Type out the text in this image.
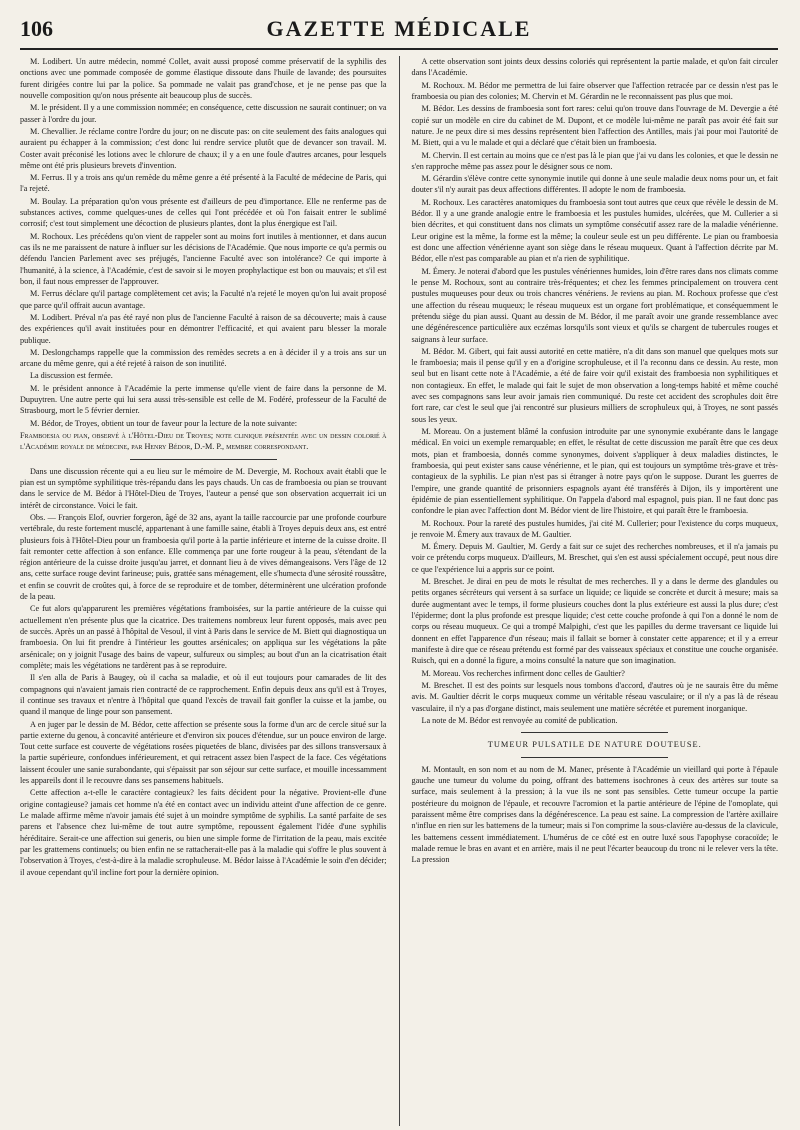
106	GAZETTE MÉDICALE

M. Lodibert. Un autre médecin, nommé Collet, avait aussi proposé comme préservatif de la syphilis des onctions avec une pommade composée de gomme élastique dissoute dans l'huile de lavande; des poursuites furent dirigées contre lui par la police. Sa pommade ne valait pas grand'chose, et je ne pense pas que la nouvelle composition qu'on nous présente ait beaucoup plus de succès.

M. le président. Il y a une commission nommée; en conséquence, cette discussion ne saurait continuer; on va passer à l'ordre du jour.

M. Chevallier. Je réclame contre l'ordre du jour; on ne discute pas: on cite seulement des faits analogues qui auraient pu échapper à la commission; c'est donc lui rendre service plutôt que de devancer son travail. M. Coster avait préconisé les lotions avec le chlorure de chaux; il y a en une foule d'autres arcanes, pour lesquels même ont été pris plusieurs brevets d'invention.

M. Ferrus. Il y a trois ans qu'un remède du même genre a été présenté à la Faculté de médecine de Paris, qui l'a rejeté.

M. Boulay. La préparation qu'on vous présente est d'ailleurs de peu d'importance. Elle ne renferme pas de substances actives, comme quelques-unes de celles qui l'ont précédée et où l'on faisait entrer le sublimé corrosif; c'est tout simplement une décoction de plusieurs plantes, dont la plus énergique est l'ail.

M. Rochoux. Les précédens qu'on vient de rappeler sont au moins fort inutiles à mentionner, et dans aucun cas ils ne me paraissent de nature à influer sur les décisions de l'Académie. Que nous importe ce qu'a permis ou défendu l'ancien Parlement avec ses préjugés, l'ancienne Faculté avec son intolérance? Ce qui importe à l'humanité, à la science, à l'Académie, c'est de savoir si le moyen prophylactique est bon ou mauvais; et s'il est bon, il faut nous empresser de l'approuver.

M. Ferrus déclare qu'il partage complètement cet avis; la Faculté n'a rejeté le moyen qu'on lui avait proposé que parce qu'il offrait aucun avantage.

M. Lodibert. Préval n'a pas été rayé non plus de l'ancienne Faculté à raison de sa découverte; mais à cause des expériences qu'il avait instituées pour en démontrer l'efficacité, et qui avaient paru blesser la morale publique.

M. Deslongchamps rappelle que la commission des remèdes secrets a en à décider il y a trois ans sur un arcane du même genre, qui a été rejeté à raison de son inutilité.

La discussion est fermée.

M. le président annonce à l'Académie la perte immense qu'elle vient de faire dans la personne de M. Dupuytren. Une autre perte qui lui sera aussi très-sensible est celle de M. Fodéré, professeur de la Faculté de Strasbourg, mort le 5 février dernier.

M. Bédor, de Troyes, obtient un tour de faveur pour la lecture de la note suivante:

Framboesia ou pian, observé à l'Hôtel-Dieu de Troyes; note clinique présentée avec un dessin colorié à l'Académie royale de médecine, par Henry Bédor, D.-M. P., membre correspondant.

Dans une discussion récente qui a eu lieu sur le mémoire de M. Devergie, M. Rochoux avait établi que le pian est un symptôme syphilitique très-répandu dans les pays chauds. Un cas de framboesia ou pian se trouvant dans le service de M. Bédor à l'Hôtel-Dieu de Troyes, l'auteur a pensé que son observation acquerrait ici un intérêt de circonstance. Voici le fait.

Obs. — François Elof, ouvrier forgeron, âgé de 32 ans, ayant la taille raccourcie par une profonde courbure vertébrale, du reste fortement musclé, appartenant à une famille saine, établi à Troyes depuis deux ans, est entré plusieurs fois à l'Hôtel-Dieu pour un framboesia qu'il porte à la partie inférieure et interne de la cuisse droite. Il fait remonter cette affection à son enfance. Elle commença par une forte rougeur à la peau, s'étendant de la région antérieure de la cuisse droite jusqu'au jarret, et donnant lieu à de vives démangeaisons. Vers l'âge de 12 ans, cette surface rouge devint farineuse; puis, grattée sans ménagement, elle s'humecta d'une sérosité roussâtre, et enfin se couvrit de croûtes qui, à force de se reproduire et de tomber, déterminèrent une ulcération profonde de la peau.

Ce fut alors qu'apparurent les premières végétations framboisées, sur la partie antérieure de la cuisse qui actuellement n'en présente plus que la cicatrice. Des traitemens nombreux leur furent opposés, mais avec peu de succès. Après un an passé à l'hôpital de Vesoul, il vint à Paris dans le service de M. Biett qui diagnostiqua un framboesia. On lui fit prendre à l'intérieur les gouttes arsénicales; on appliqua sur les végétations la pâte arsénicale; on y joignit l'usage des bains de vapeur, sulfureux ou simples; au bout d'un an la cicatrisation était complète; mais les végétations ne tardèrent pas à se reproduire.

Il s'en alla de Paris à Baugey, où il cacha sa maladie, et où il eut toujours pour camarades de lit des compagnons qui n'avaient jamais rien contracté de ce rapprochement. Enfin depuis deux ans qu'il est à Troyes, il continue ses travaux et n'entre à l'hôpital que quand l'excès de travail fait gonfler la cuisse et la jambe, ou quand il manque de linge pour son pansement.

A en juger par le dessin de M. Bédor, cette affection se présente sous la forme d'un arc de cercle situé sur la partie externe du genou, à concavité antérieure et d'environ six pouces d'étendue, sur un pouce environ de large. Tout cette surface est couverte de végétations rosées piquetées de blanc, divisées par des sillons transversaux à la partie supérieure, confondues inférieurement, et qui retracent assez bien l'aspect de la face. Ces végétations laissent écouler une sanie surabondante, qui s'épaissit par son séjour sur cette surface, et mouille incessamment les appareils dont il le recouvre dans ses pansemens habituels.

Cette affection a-t-elle le caractère contagieux? les faits décident pour la négative. Provient-elle d'une origine contagieuse? jamais cet homme n'a été en contact avec un individu atteint d'une affection de ce genre. Le malade affirme même n'avoir jamais été sujet à un moindre symptôme de syphilis. La santé parfaite de ses parens et l'absence chez lui-même de tout autre symptôme, repoussent également l'idée d'une syphilis héréditaire. Serait-ce une affection sui generis, ou bien une simple forme de l'irritation de la peau, mais excitée par les grattemens continuels; ou bien enfin ne se rattacherait-elle pas à la maladie qui s'offre le plus souvent à l'observation à Troyes, c'est-à-dire à la maladie scrophuleuse. M. Bédor laisse à l'Académie le soin d'en décider; il avoue cependant qu'il incline fort pour la dernière opinion.

A cette observation sont joints deux dessins coloriés qui représentent la partie malade, et qu'on fait circuler dans l'Académie.

M. Rochoux. M. Bédor me permettra de lui faire observer que l'affection retracée par ce dessin n'est pas le framboesia ou pian des colonies; M. Chervin et M. Gérardin ne le reconnaissent pas plus que moi.

M. Bédor. Les dessins de framboesia sont fort rares: celui qu'on trouve dans l'ouvrage de M. Devergie a été copié sur un modèle en cire du cabinet de M. Dupont, et ce modèle lui-même ne paraît pas avoir été fait sur nature. Je ne peux dire si mes dessins représentent bien l'affection des Antilles, mais j'ai pour moi l'autorité de M. Biett, qui a vu le malade et qui a déclaré que c'était bien un framboesia.

M. Chervin. Il est certain au moins que ce n'est pas là le pian que j'ai vu dans les colonies, et que le dessin ne s'en rapproche même pas assez pour le désigner sous ce nom.

M. Gérardin s'élève contre cette synonymie inutile qui donne à une seule maladie deux noms pour un, et fait douter s'il n'y aurait pas deux affections différentes. Il adopte le nom de framboesia.

M. Rochoux. Les caractères anatomiques du framboesia sont tout autres que ceux que révèle le dessin de M. Bédor. Il y a une grande analogie entre le framboesia et les pustules humides, ulcérées, que M. Cullerier a si bien décrites, et qui constituent dans nos climats un symptôme consécutif assez rare de la maladie vénérienne. Leur origine est la même, la forme est la même; la couleur seule est un peu différente. Le pian ou framboesia est donc une affection vénérienne ayant son siège dans le réseau muqueux. Quant à l'affection décrite par M. Bédor, elle n'est pas comparable au pian et n'a rien de syphilitique.

M. Émery. Je noterai d'abord que les pustules vénériennes humides, loin d'être rares dans nos climats comme le pense M. Rochoux, sont au contraire très-fréquentes; et chez les femmes principalement on trouvera cent pustules muqueuses pour deux ou trois chancres vénériens. Je reviens au pian. M. Rochoux professe que c'est une affection du réseau muqueux; le réseau muqueux est un organe fort problématique, et conséquemment le prétendu siège du pian aussi. Quant au dessin de M. Bédor, il me paraît avoir une grande ressemblance avec une dégénérescence particulière aux eczémas lorsqu'ils sont vieux et qu'ils se chargent de tubercules rouges et saignans à leur surface.

M. Bédor. M. Gibert, qui fait aussi autorité en cette matière, n'a dit dans son manuel que quelques mots sur le framboesia; mais il pense qu'il y en a d'origine scrophuleuse, et il l'a reconnu dans ce dessin. Au reste, mon seul but en lisant cette note à l'Académie, a été de faire voir qu'il existait des framboesia non syphilitiques et non contagieux. En effet, le malade qui fait le sujet de mon observation a long-temps habité et même couché avec ses compagnons sans leur avoir jamais rien communiqué. Du reste cet accident des scrophules doit être fort rare, car c'est le seul que j'ai rencontré sur plusieurs milliers de scrophuleux qui, à Troyes, ne sont passés sous les yeux.

M. Moreau. On a justement blâmé la confusion introduite par une synonymie exubérante dans le langage médical. En voici un exemple remarquable; en effet, le résultat de cette discussion me paraît être que ces deux mots, pian et framboesia, donnés comme synonymes, doivent s'appliquer à deux maladies distinctes, le framboesia, qui peut exister sans cause vénérienne, et le pian, qui est toujours un symptôme très-grave et très-contagieux de la syphilis. Le pian n'est pas si étranger à notre pays qu'on le suppose. Durant les guerres de l'empire, une grande quantité de prisonniers espagnols ayant été transférés à Dijon, ils y importèrent une épidémie de pian essentiellement syphilitique. On l'appela d'abord mal espagnol, puis pian. Il ne faut donc pas confondre le pian avec l'affection dont M. Bédor vient de lire l'histoire, et qui paraît être le framboesia.

M. Rochoux. Pour la rareté des pustules humides, j'ai cité M. Cullerier; pour l'existence du corps muqueux, je renvoie M. Émery aux travaux de M. Gaultier.

M. Émery. Depuis M. Gaultier, M. Gerdy a fait sur ce sujet des recherches nombreuses, et il n'a jamais pu voir ce prétendu corps muqueux. D'ailleurs, M. Breschet, qui s'en est aussi spécialement occupé, peut nous dire ce que l'expérience lui a appris sur ce point.

M. Breschet. Je dirai en peu de mots le résultat de mes recherches. Il y a dans le derme des glandules ou petits organes sécréteurs qui versent à sa surface un liquide; ce liquide se concrète et durcit à mesure; mais sa durée augmentant avec le temps, il forme plusieurs couches dont la plus extérieure est aussi la plus dure; c'est l'épiderme; dont la plus profonde est presque liquide; c'est cette couche profonde à qui l'on a donné le nom de corps ou réseau muqueux. Ce qui a trompé Malpighi, c'est que les papilles du derme traversant ce liquide lui donnent en effet l'apparence d'un réseau; mais il fallait se borner à constater cette apparence; et il y a erreur manifeste à dire que ce réseau prétendu est formé par des vaisseaux spéciaux et constitue une couche organisée. Ruisch, qui en a donné la figure, a moins consulté la nature que son imagination.

M. Moreau. Vos recherches infirment donc celles de Gaultier?

M. Breschet. Il est des points sur lesquels nous tombons d'accord, d'autres où je ne saurais être du même avis. M. Gaultier décrit le corps muqueux comme un véritable réseau vasculaire; or il n'y a pas là de réseau vasculaire, il n'y a pas d'organe distinct, mais seulement une matière sécrétée et purement inorganique.

La note de M. Bédor est renvoyée au comité de publication.

TUMEUR PULSATILE DE NATURE DOUTEUSE.

M. Montault, en son nom et au nom de M. Manec, présente à l'Académie un vieillard qui porte à l'épaule gauche une tumeur du volume du poing, offrant des battemens isochrones à ceux des artères sur toute sa surface, mais seulement à la pression; à la vue ils ne sont pas sensibles. Cette tumeur occupe la partie postérieure du moignon de l'épaule, et recouvre l'acromion et la partie antérieure de l'épine de l'omoplate, qui paraissent même être comprises dans la dégénérescence. La peau est saine. La compression de l'artère axillaire n'influe en rien sur les battemens de la tumeur; mais si l'on comprime la sous-clavière au-dessus de la clavicule, les battemens cessent immédiatement. L'humérus de ce côté est en outre luxé sous l'apophyse coracoïde; le malade remue le bras en avant et en arrière, mais il ne peut l'écarter beaucoup du tronc ni le relever vers la tête. La pression
